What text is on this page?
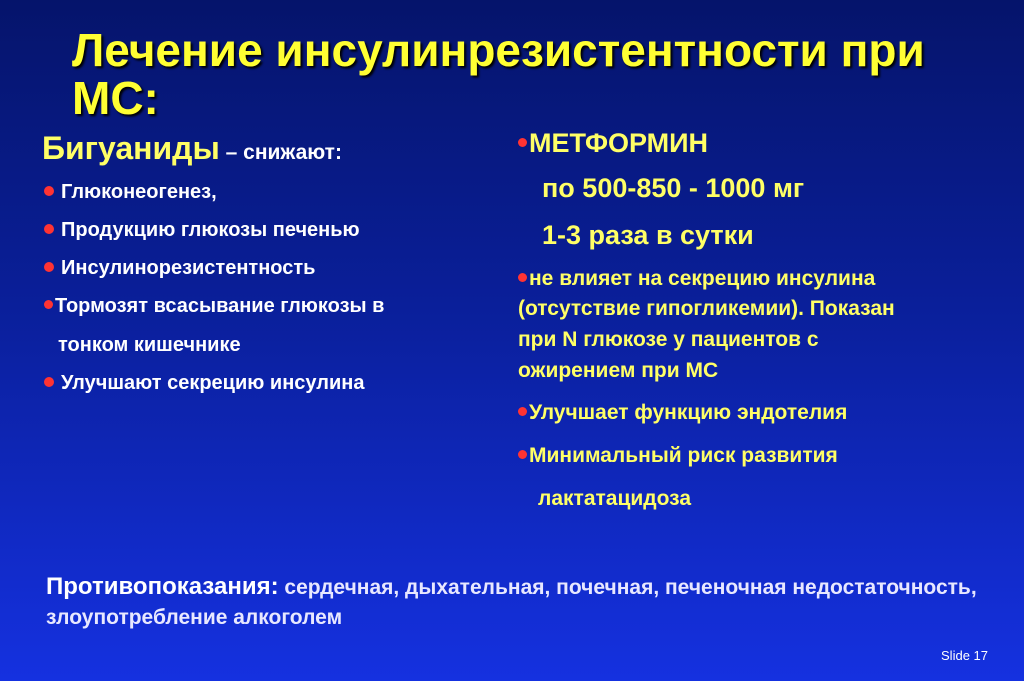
Лечение инсулинрезистентности при МС:
Бигуаниды – снижают:
Глюконеогенез,
Продукцию глюкозы печенью
Инсулинорезистентность
Тормозят всасывание глюкозы в
тонком кишечнике
Улучшают секрецию инсулина
МЕТФОРМИН
по 500-850 - 1000 мг
1-3 раза в сутки
не влияет на секрецию инсулина
(отсутствие гипогликемии). Показан
при N глюкозе у пациентов с
ожирением при МС
Улучшает функцию эндотелия
Минимальный риск развития
лактатацидоза
Противопоказания: сердечная, дыхательная, почечная, печеночная недостаточность, злоупотребление алкоголем
Slide 17
